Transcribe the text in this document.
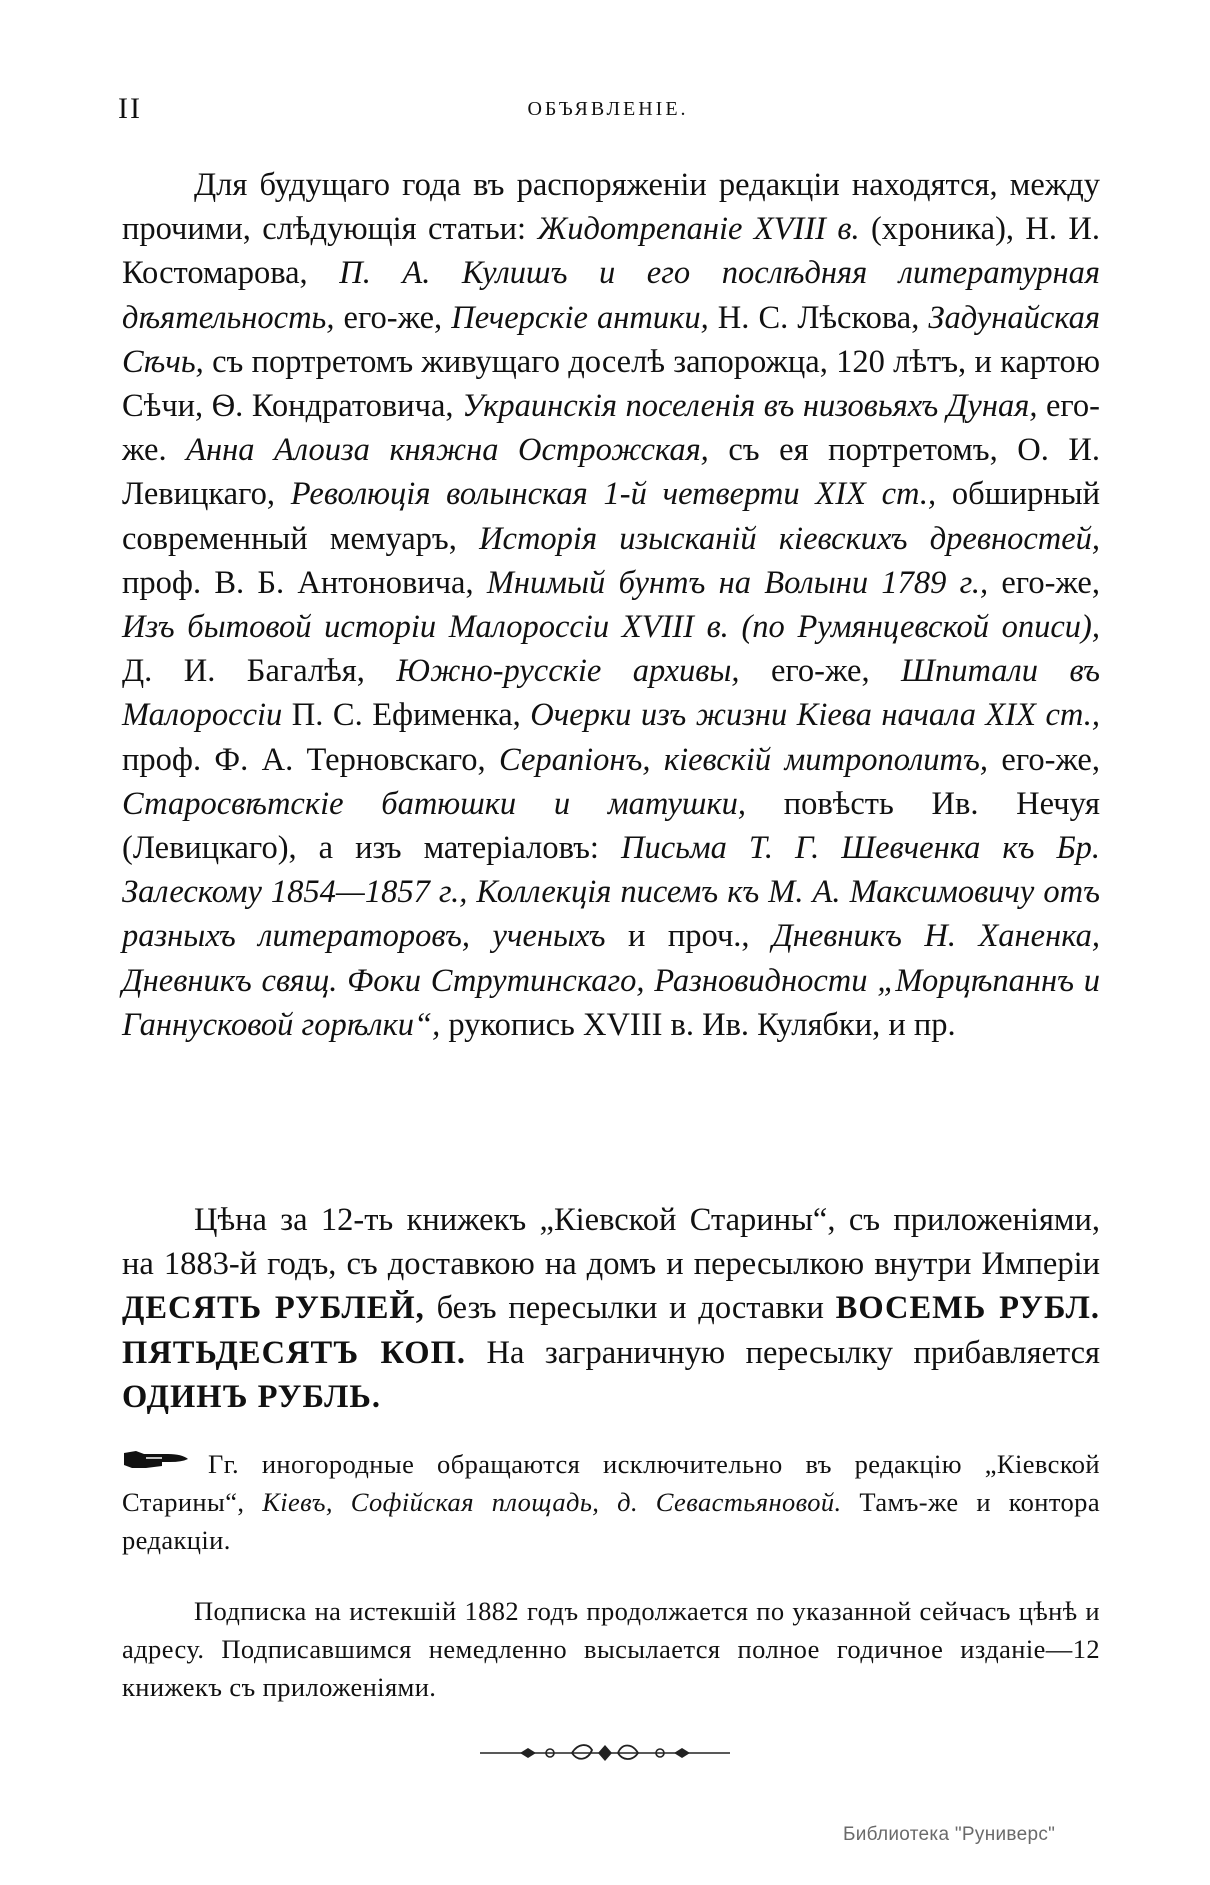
II	ОБЪЯВЛЕНІЕ.

Для будущаго года въ распоряженіи редакціи находятся, между прочими, слѣдующія статьи: Жидотрепаніе XVIII в. (хроника), Н. И. Костомарова, П. А. Кулишъ и его послѣдняя литературная дѣятельность, его-же, Печерскіе антики, Н. С. Лѣскова, Задунайская Сѣчь, съ портретомъ живущаго доселѣ запорожца, 120 лѣтъ, и картою Сѣчи, Ѳ. Кондратовича, Украинскія поселенія въ низовьяхъ Дуная, его-же. Анна Алоиза княжна Острожская, съ ея портретомъ, О. И. Левицкаго, Революція волынская 1-й четверти XIX ст., обширный современный мемуаръ, Исторія изысканій кіевскихъ древностей, проф. В. Б. Антоновича, Мнимый бунтъ на Волыни 1789 г., его-же, Изъ бытовой исторіи Малороссіи XVIII в. (по Румянцевской описи), Д. И. Багалѣя, Южно-русскіе архивы, его-же, Шпитали въ Малороссіи П. С. Ефименка, Очерки изъ жизни Кіева начала XIX ст., проф. Ф. А. Терновскаго, Серапіонъ, кіевскій митрополитъ, его-же, Старосвѣтскіе батюшки и матушки, повѣсть Ив. Нечуя (Левицкаго), а изъ матеріаловъ: Письма Т. Г. Шевченка къ Бр. Залескому 1854—1857 г., Коллекція писемъ къ М. А. Максимовичу отъ разныхъ литераторовъ, ученыхъ и проч., Дневникъ Н. Ханенка, Дневникъ свящ. Фоки Струтинскаго, Разновидности „Морцѣпаннъ и Ганнусковой горѣлки“, рукопись XVIII в. Ив. Кулябки, и пр.

Цѣна за 12-ть книжекъ „Кіевской Старины“, съ приложеніями, на 1883-й годъ, съ доставкою на домъ и пересылкою внутри Имперіи ДЕСЯТЬ РУБЛЕЙ, безъ пересылки и доставки ВОСЕМЬ РУБЛ. ПЯТЬДЕСЯТЪ КОП. На заграничную пересылку прибавляется ОДИНЪ РУБЛЬ.

Гг. иногородные обращаются исключительно въ редакцію „Кіевской Старины“, Кіевъ, Софійская площадь, д. Севастьяновой. Тамъ-же и контора редакціи.

Подписка на истекшій 1882 годъ продолжается по указанной сейчасъ цѣнѣ и адресу. Подписавшимся немедленно высылается полное годичное изданіе—12 книжекъ съ приложеніями.

Библиотека "Руниверс"
